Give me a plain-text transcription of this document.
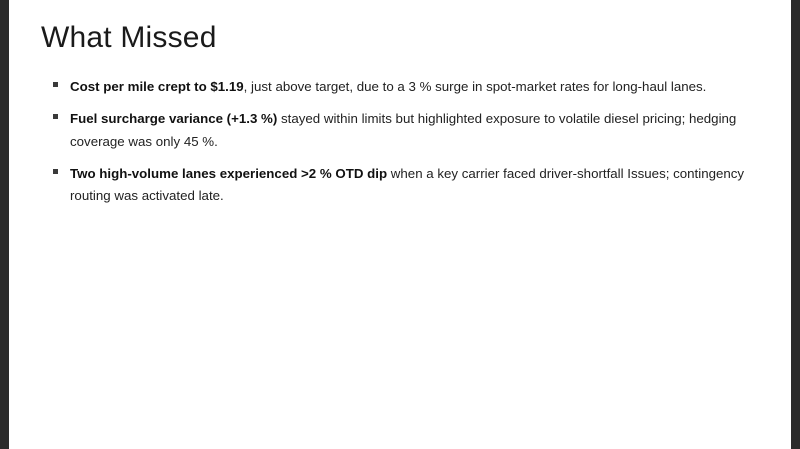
What Missed
Cost per mile crept to $1.19, just above target, due to a 3 % surge in spot-market rates for long-haul lanes.
Fuel surcharge variance (+1.3 %) stayed within limits but highlighted exposure to volatile diesel pricing; hedging coverage was only 45 %.
Two high-volume lanes experienced >2 % OTD dip when a key carrier faced driver-shortfall Issues; contingency routing was activated late.
